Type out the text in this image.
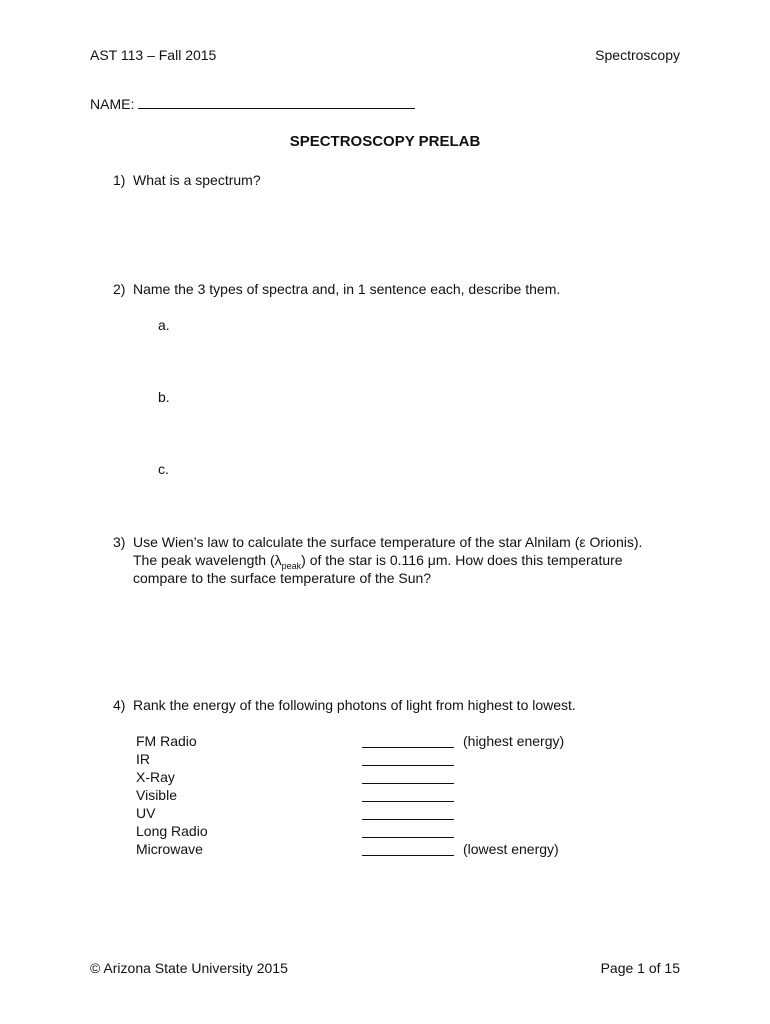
AST 113 – Fall 2015	Spectroscopy
NAME:
SPECTROSCOPY PRELAB
1) What is a spectrum?
2) Name the 3 types of spectra and, in 1 sentence each, describe them.
a.
b.
c.
3) Use Wien’s law to calculate the surface temperature of the star Alnilam (ε Orionis).
The peak wavelength $(\lambda_{peak})$ of the star is 0.116 μm. How does this temperature
compare to the surface temperature of the Sun?
4) Rank the energy of the following photons of light from highest to lowest.
FM Radio
IR
X-Ray
Visible
UV
Long Radio
Microwave
(highest energy)
(lowest energy)
© Arizona State University 2015	Page 1 of 15
